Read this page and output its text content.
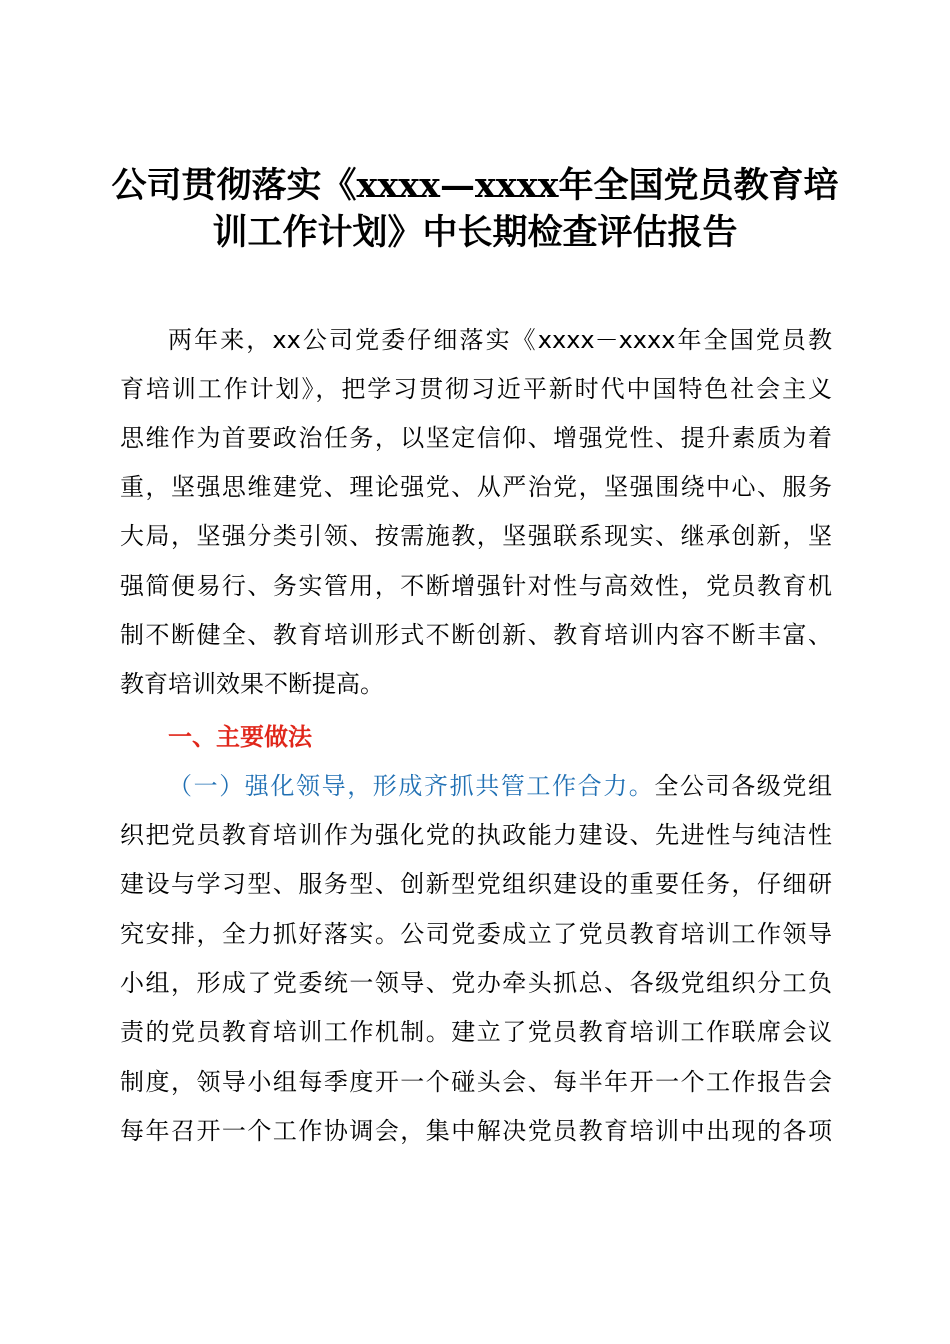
公司贯彻落实《xxxx—xxxx年全国党员教育培
训工作计划》中长期检查评估报告
两年来，xx公司党委仔细落实《xxxx－xxxx年全国党员教
育培训工作计划》，把学习贯彻习近平新时代中国特色社会主义
思维作为首要政治任务，以坚定信仰、增强党性、提升素质为着
重，坚强思维建党、理论强党、从严治党，坚强围绕中心、服务
大局，坚强分类引领、按需施教，坚强联系现实、继承创新，坚
强简便易行、务实管用，不断增强针对性与高效性，党员教育机
制不断健全、教育培训形式不断创新、教育培训内容不断丰富、
教育培训效果不断提高。
一、主要做法
（一）强化领导，形成齐抓共管工作合力。全公司各级党组
织把党员教育培训作为强化党的执政能力建设、先进性与纯洁性
建设与学习型、服务型、创新型党组织建设的重要任务，仔细研
究安排，全力抓好落实。公司党委成立了党员教育培训工作领导
小组，形成了党委统一领导、党办牵头抓总、各级党组织分工负
责的党员教育培训工作机制。建立了党员教育培训工作联席会议
制度，领导小组每季度开一个碰头会、每半年开一个工作报告会
每年召开一个工作协调会，集中解决党员教育培训中出现的各项
